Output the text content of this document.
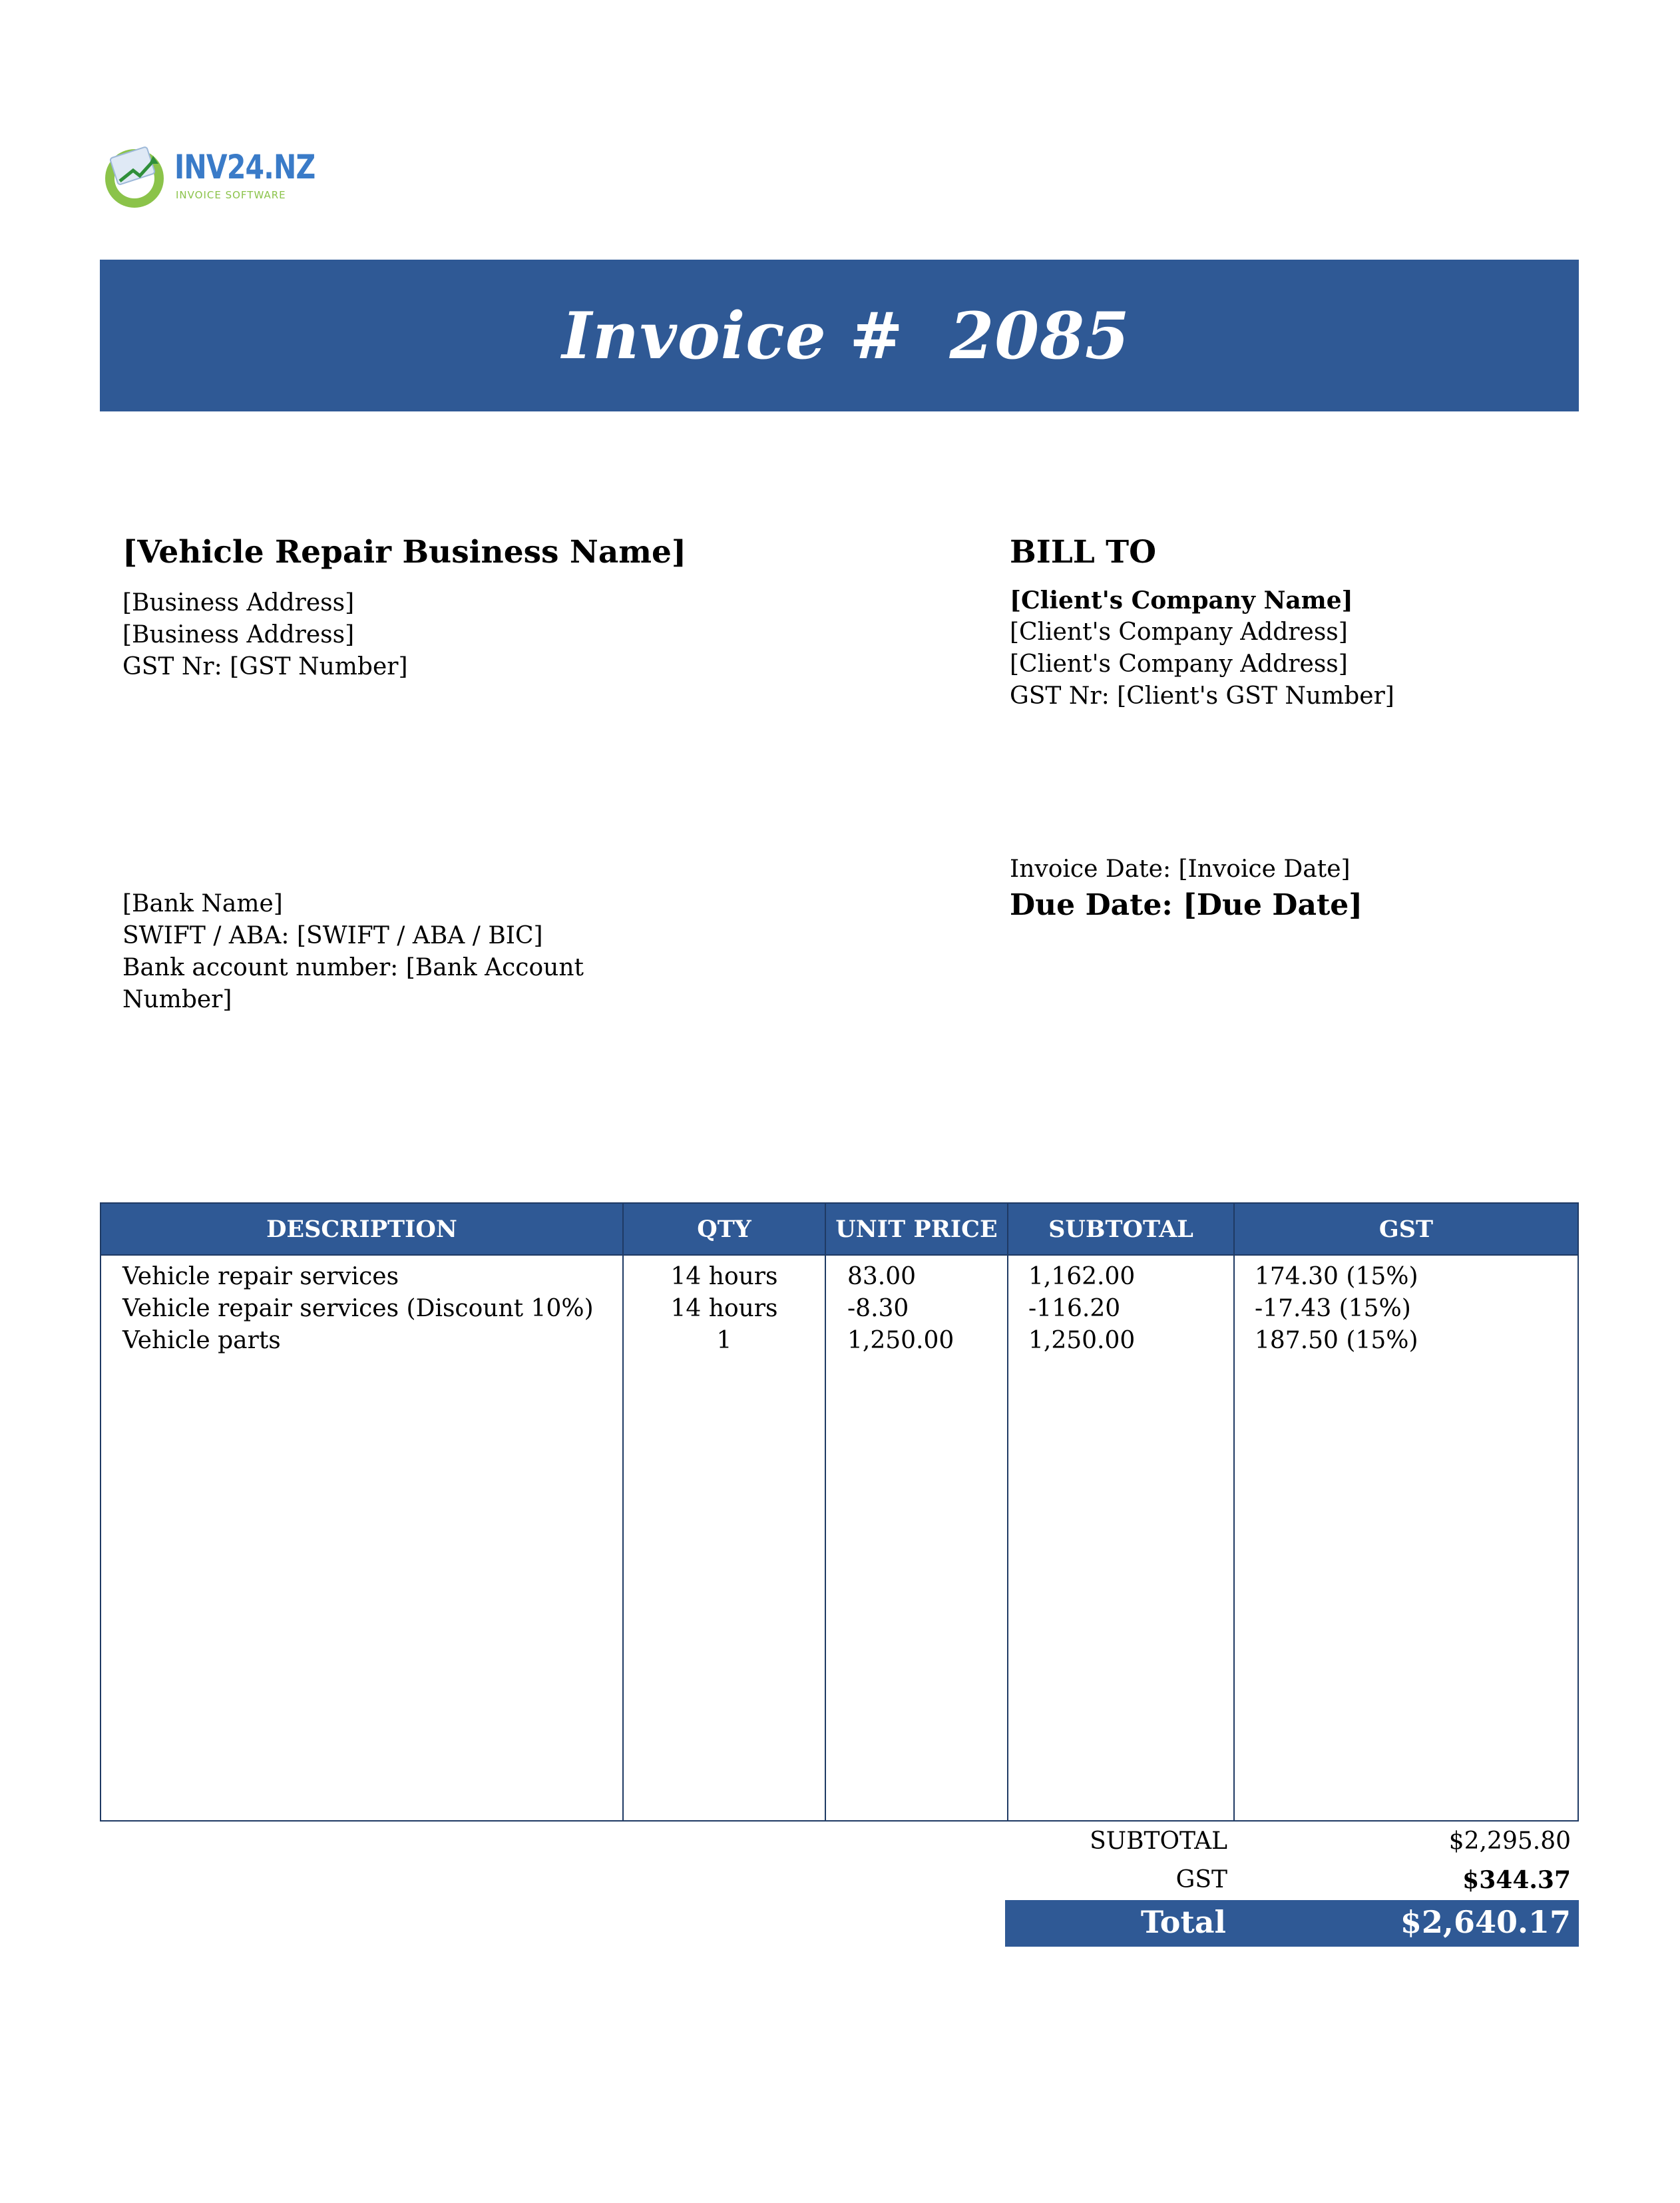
INV24.NZ
INVOICE SOFTWARE
Invoice #  2085
[Vehicle Repair Business Name]
[Business Address]
[Business Address]
GST Nr: [GST Number]
BILL TO
[Client's Company Name]
[Client's Company Address]
[Client's Company Address]
GST Nr: [Client's GST Number]
[Bank Name]
SWIFT / ABA: [SWIFT / ABA / BIC]
Bank account number: [Bank Account
Number]
Invoice Date: [Invoice Date]
Due Date: [Due Date]
DESCRIPTION	QTY	UNIT PRICE	SUBTOTAL	GST
Vehicle repair services	14 hours	83.00	1,162.00	174.30 (15%)
Vehicle repair services (Discount 10%)	14 hours	-8.30	-116.20	-17.43 (15%)
Vehicle parts	1	1,250.00	1,250.00	187.50 (15%)
SUBTOTAL	$2,295.80
GST	$344.37
Total	$2,640.17
